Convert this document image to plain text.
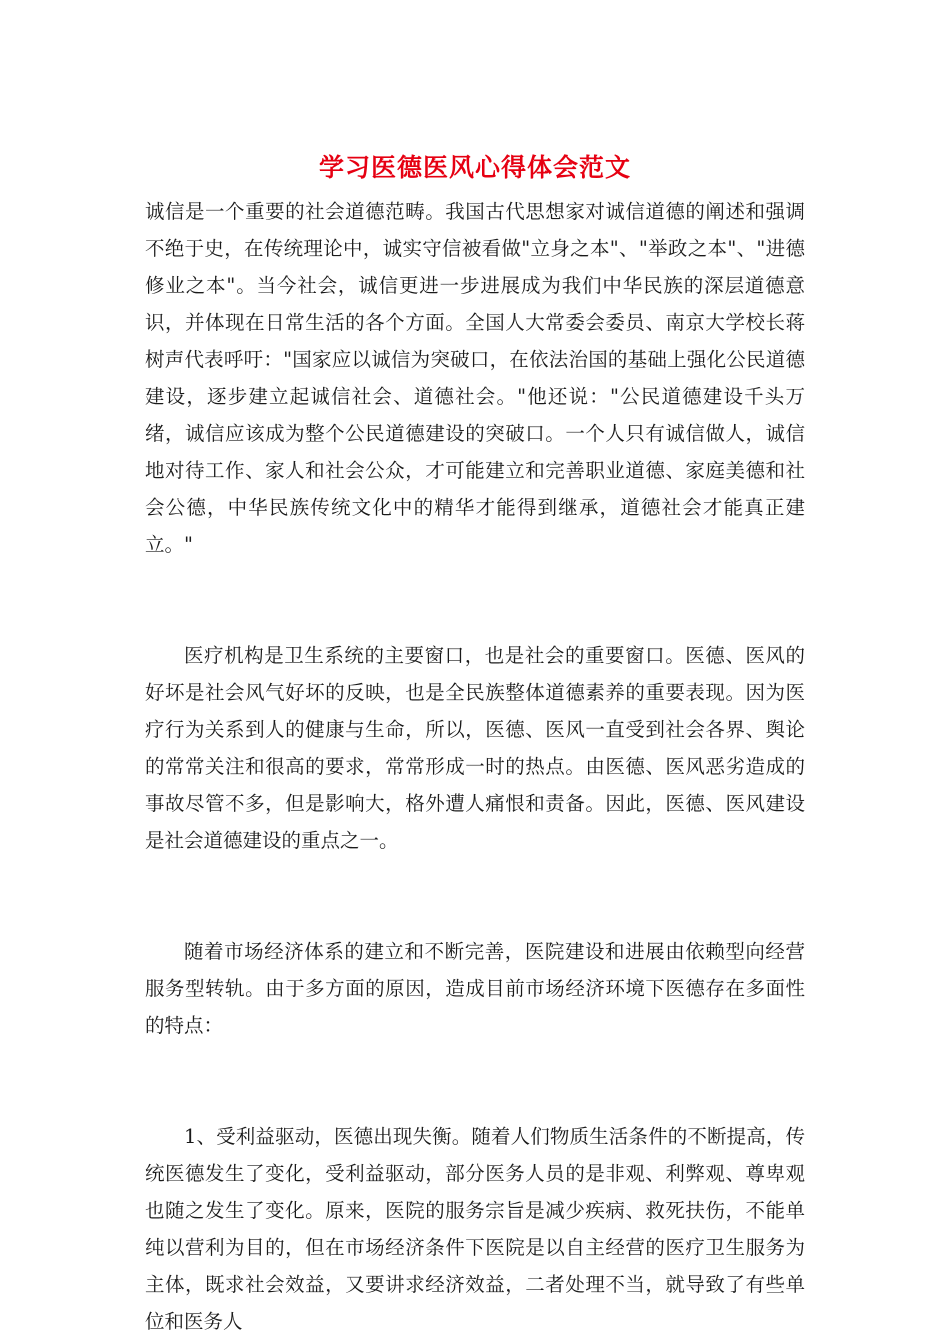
学习医德医风心得体会范文

诚信是一个重要的社会道德范畴。我国古代思想家对诚信道德的阐述和强调不绝于史，在传统理论中，诚实守信被看做"立身之本"、"举政之本"、"进德修业之本"。当今社会，诚信更进一步进展成为我们中华民族的深层道德意识，并体现在日常生活的各个方面。全国人大常委会委员、南京大学校长蒋树声代表呼吁："国家应以诚信为突破口，在依法治国的基础上强化公民道德建设，逐步建立起诚信社会、道德社会。"他还说："公民道德建设千头万绪，诚信应该成为整个公民道德建设的突破口。一个人只有诚信做人，诚信地对待工作、家人和社会公众，才可能建立和完善职业道德、家庭美德和社会公德，中华民族传统文化中的精华才能得到继承，道德社会才能真正建立。"

医疗机构是卫生系统的主要窗口，也是社会的重要窗口。医德、医风的好坏是社会风气好坏的反映，也是全民族整体道德素养的重要表现。因为医疗行为关系到人的健康与生命，所以，医德、医风一直受到社会各界、舆论的常常关注和很高的要求，常常形成一时的热点。由医德、医风恶劣造成的事故尽管不多，但是影响大，格外遭人痛恨和责备。因此，医德、医风建设是社会道德建设的重点之一。

随着市场经济体系的建立和不断完善，医院建设和进展由依赖型向经营服务型转轨。由于多方面的原因，造成目前市场经济环境下医德存在多面性的特点：

1、受利益驱动，医德出现失衡。随着人们物质生活条件的不断提高，传统医德发生了变化，受利益驱动，部分医务人员的是非观、利弊观、尊卑观也随之发生了变化。原来，医院的服务宗旨是减少疾病、救死扶伤，不能单纯以营利为目的，但在市场经济条件下医院是以自主经营的医疗卫生服务为主体，既求社会效益，又要讲求经济效益，二者处理不当，就导致了有些单位和医务人
